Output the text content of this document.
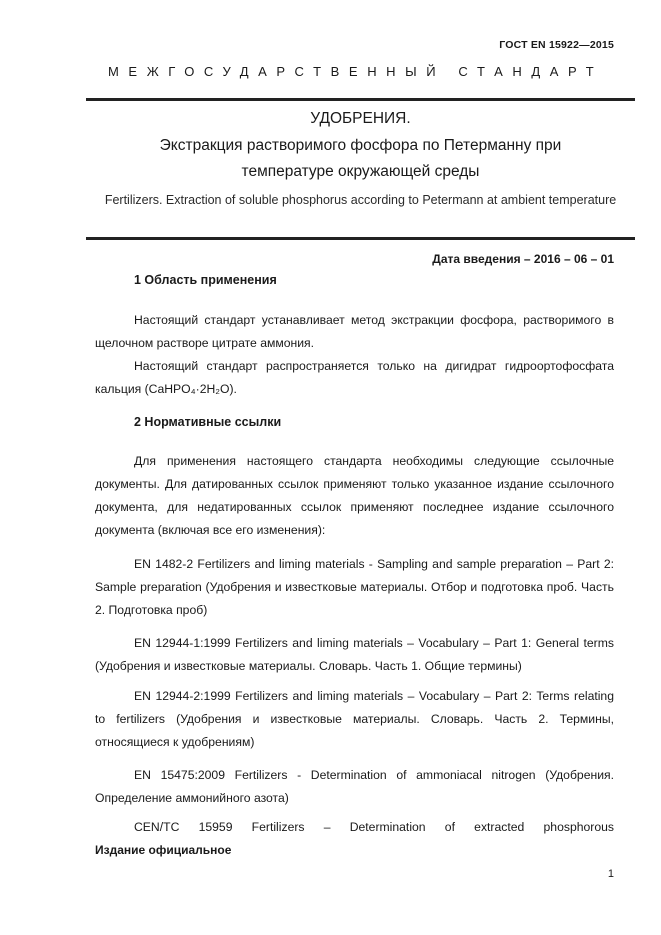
ГОСТ EN 15922—2015
МЕЖГОСУДАРСТВЕННЫЙ СТАНДАРТ
УДОБРЕНИЯ.
Экстракция растворимого фосфора по Петерманну при
температуре окружающей среды
Fertilizers. Extraction of soluble phosphorus according to Petermann at ambient temperature
Дата введения – 2016 – 06 – 01
1 Область применения
Настоящий стандарт устанавливает метод экстракции фосфора, растворимого в щелочном растворе цитрате аммония.
Настоящий стандарт распространяется только на дигидрат гидроортофосфата кальция (CaHPO₄·2H₂O).
2 Нормативные ссылки
Для применения настоящего стандарта необходимы следующие ссылочные документы. Для датированных ссылок применяют только указанное издание ссылочного документа, для недатированных ссылок применяют последнее издание ссылочного документа (включая все его изменения):
EN 1482-2 Fertilizers and liming materials - Sampling and sample preparation – Part 2: Sample preparation (Удобрения и известковые материалы. Отбор и подготовка проб. Часть 2. Подготовка проб)
EN 12944-1:1999 Fertilizers and liming materials – Vocabulary – Part 1: General terms (Удобрения и известковые материалы. Словарь. Часть 1. Общие термины)
EN 12944-2:1999 Fertilizers and liming materials – Vocabulary – Part 2: Terms relating to fertilizers (Удобрения и известковые материалы. Словарь. Часть 2. Термины, относящиеся к удобрениям)
EN 15475:2009 Fertilizers - Determination of ammoniacal nitrogen (Удобрения. Определение аммонийного азота)
CEN/TC 15959 Fertilizers – Determination of extracted phosphorous
Издание официальное
1
